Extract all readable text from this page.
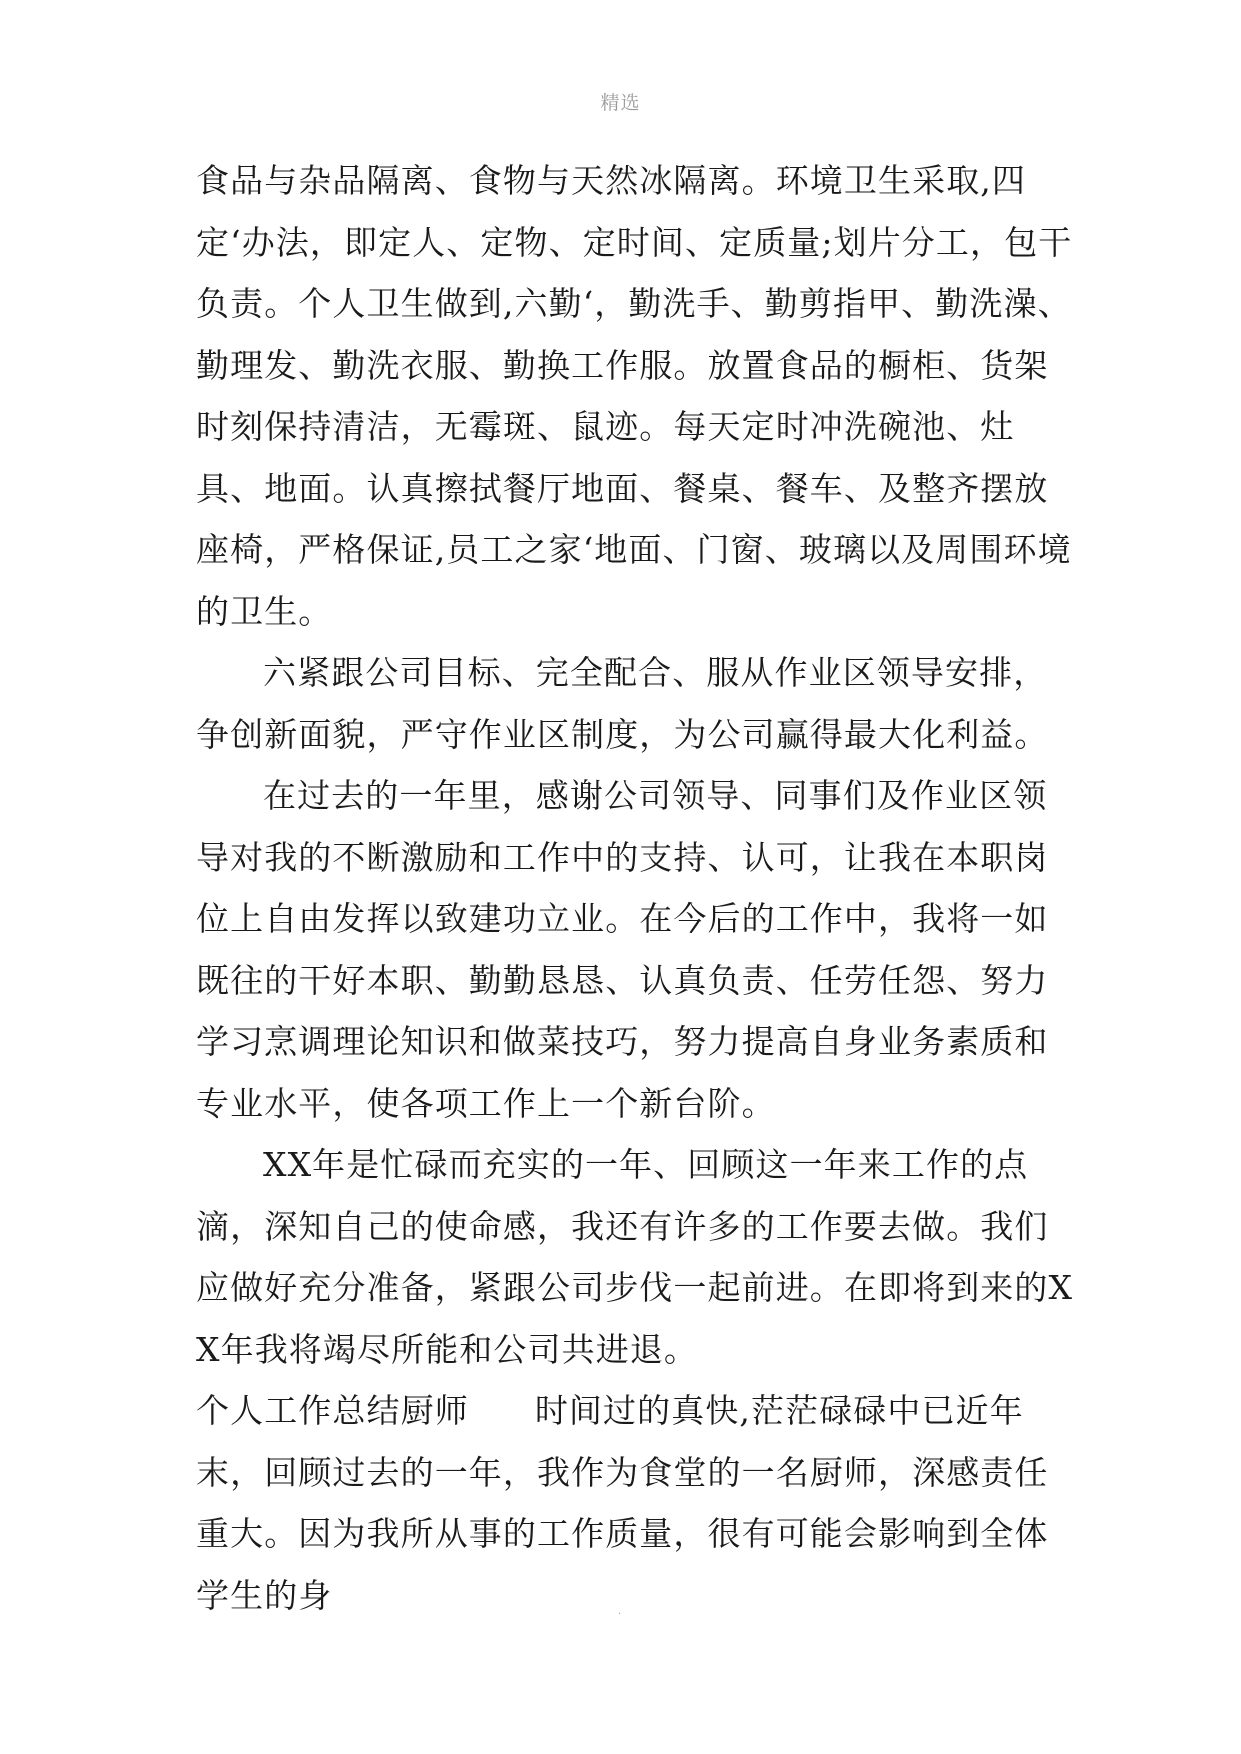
精选

食品与杂品隔离、食物与天然冰隔离。环境卫生采取,四定‘办法，即定人、定物、定时间、定质量;划片分工，包干负责。个人卫生做到,六勤‘，勤洗手、勤剪指甲、勤洗澡、勤理发、勤洗衣服、勤换工作服。放置食品的橱柜、货架时刻保持清洁，无霉斑、鼠迹。每天定时冲洗碗池、灶具、地面。认真擦拭餐厅地面、餐桌、餐车、及整齐摆放座椅，严格保证,员工之家‘地面、门窗、玻璃以及周围环境的卫生。

六紧跟公司目标、完全配合、服从作业区领导安排，争创新面貌，严守作业区制度，为公司赢得最大化利益。

在过去的一年里，感谢公司领导、同事们及作业区领导对我的不断激励和工作中的支持、认可，让我在本职岗位上自由发挥以致建功立业。在今后的工作中，我将一如既往的干好本职、勤勤恳恳、认真负责、任劳任怨、努力学习烹调理论知识和做菜技巧，努力提高自身业务素质和专业水平，使各项工作上一个新台阶。

XX年是忙碌而充实的一年、回顾这一年来工作的点滴，深知自己的使命感，我还有许多的工作要去做。我们应做好充分准备，紧跟公司步伐一起前进。在即将到来的XX年我将竭尽所能和公司共进退。

个人工作总结厨师 时间过的真快,茫茫碌碌中已近年末，回顾过去的一年，我作为食堂的一名厨师，深感责任重大。因为我所从事的工作质量，很有可能会影响到全体学生的身	.
